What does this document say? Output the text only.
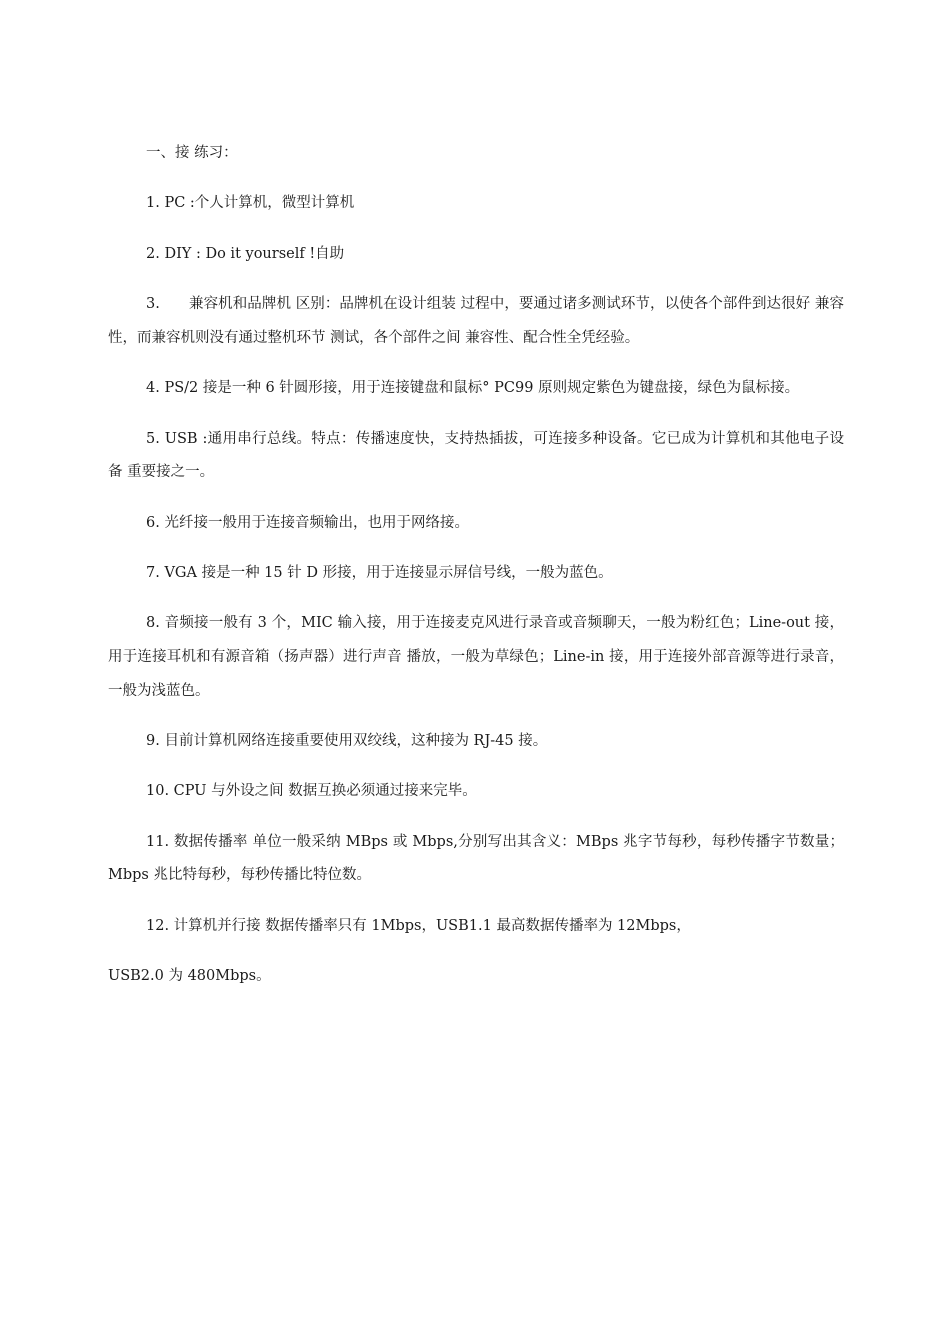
一、接 练习：

1. PC :个人计算机，微型计算机

2. DIY : Do it yourself !自助

3.　　兼容机和品牌机 区别：品牌机在设计组装 过程中，要通过诸多测试环节，以使各个部件到达很好 兼容性，而兼容机则没有通过整机环节 测试，各个部件之间 兼容性、配合性全凭经验。

4. PS/2 接是一种 6 针圆形接，用于连接键盘和鼠标° PC99 原则规定紫色为键盘接，绿色为鼠标接。

5. USB :通用串行总线。特点：传播速度快，支持热插拔，可连接多种设备。它已成为计算机和其他电子设备 重要接之一。

6. 光纤接一般用于连接音频输出，也用于网络接。

7. VGA 接是一种 15 针 D 形接，用于连接显示屏信号线，一般为蓝色。

8. 音频接一般有 3 个，MIC 输入接，用于连接麦克风进行录音或音频聊天，一般为粉红色；Line-out 接，用于连接耳机和有源音箱（扬声器）进行声音 播放，一般为草绿色；Line-in 接，用于连接外部音源等进行录音，一般为浅蓝色。

9. 目前计算机网络连接重要使用双绞线，这种接为 RJ-45 接。

10. CPU 与外设之间 数据互换必须通过接来完毕。

11. 数据传播率 单位一般采纳 MBps 或 Mbps,分别写出其含义：MBps 兆字节每秒，每秒传播字节数量；Mbps 兆比特每秒，每秒传播比特位数。

12. 计算机并行接 数据传播率只有 1Mbps，USB1.1 最高数据传播率为 12Mbps，

USB2.0 为 480Mbps。
